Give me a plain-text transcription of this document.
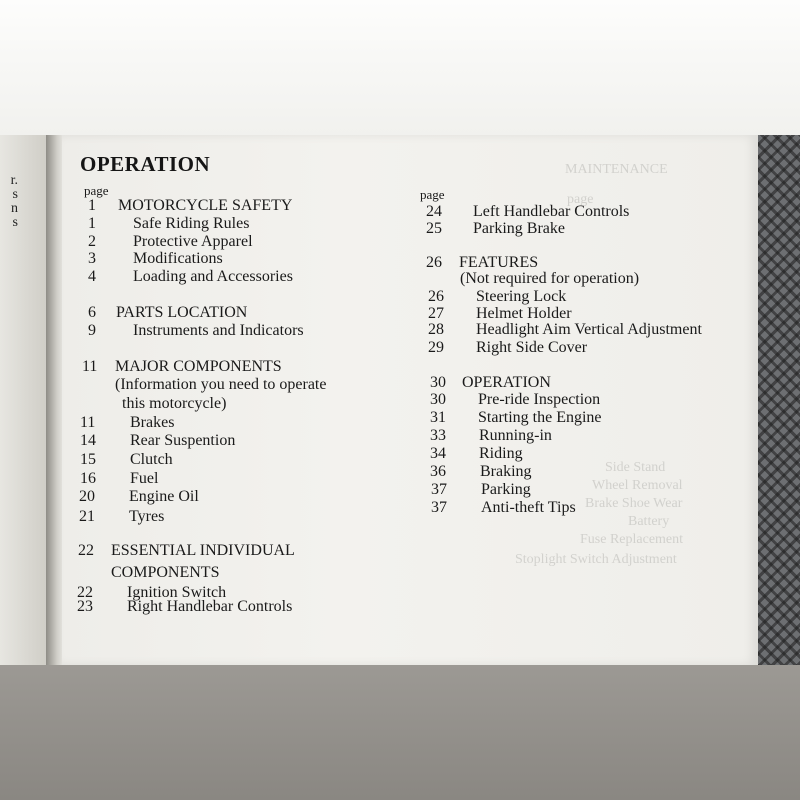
r.
s
n
s
MAINTENANCE
page
Side Stand
Wheel Removal
Brake Shoe Wear
Battery
Fuse Replacement
Stoplight Switch Adjustment
OPERATION
page	page
1 MOTORCYCLE SAFETY
1 Safe Riding Rules
2 Protective Apparel
3 Modifications
4 Loading and Accessories
6 PARTS LOCATION
9 Instruments and Indicators
11 MAJOR COMPONENTS
(Information you need to operate
this motorcycle)
11 Brakes
14 Rear Suspention
15 Clutch
16 Fuel
20 Engine Oil
21 Tyres
22 ESSENTIAL INDIVIDUAL
COMPONENTS
22 Ignition Switch
23 Right Handlebar Controls
24 Left Handlebar Controls
25 Parking Brake
26 FEATURES
(Not required for operation)
26 Steering Lock
27 Helmet Holder
28 Headlight Aim Vertical Adjustment
29 Right Side Cover
30 OPERATION
30 Pre-ride Inspection
31 Starting the Engine
33 Running-in
34 Riding
36 Braking
37 Parking
37 Anti-theft Tips
